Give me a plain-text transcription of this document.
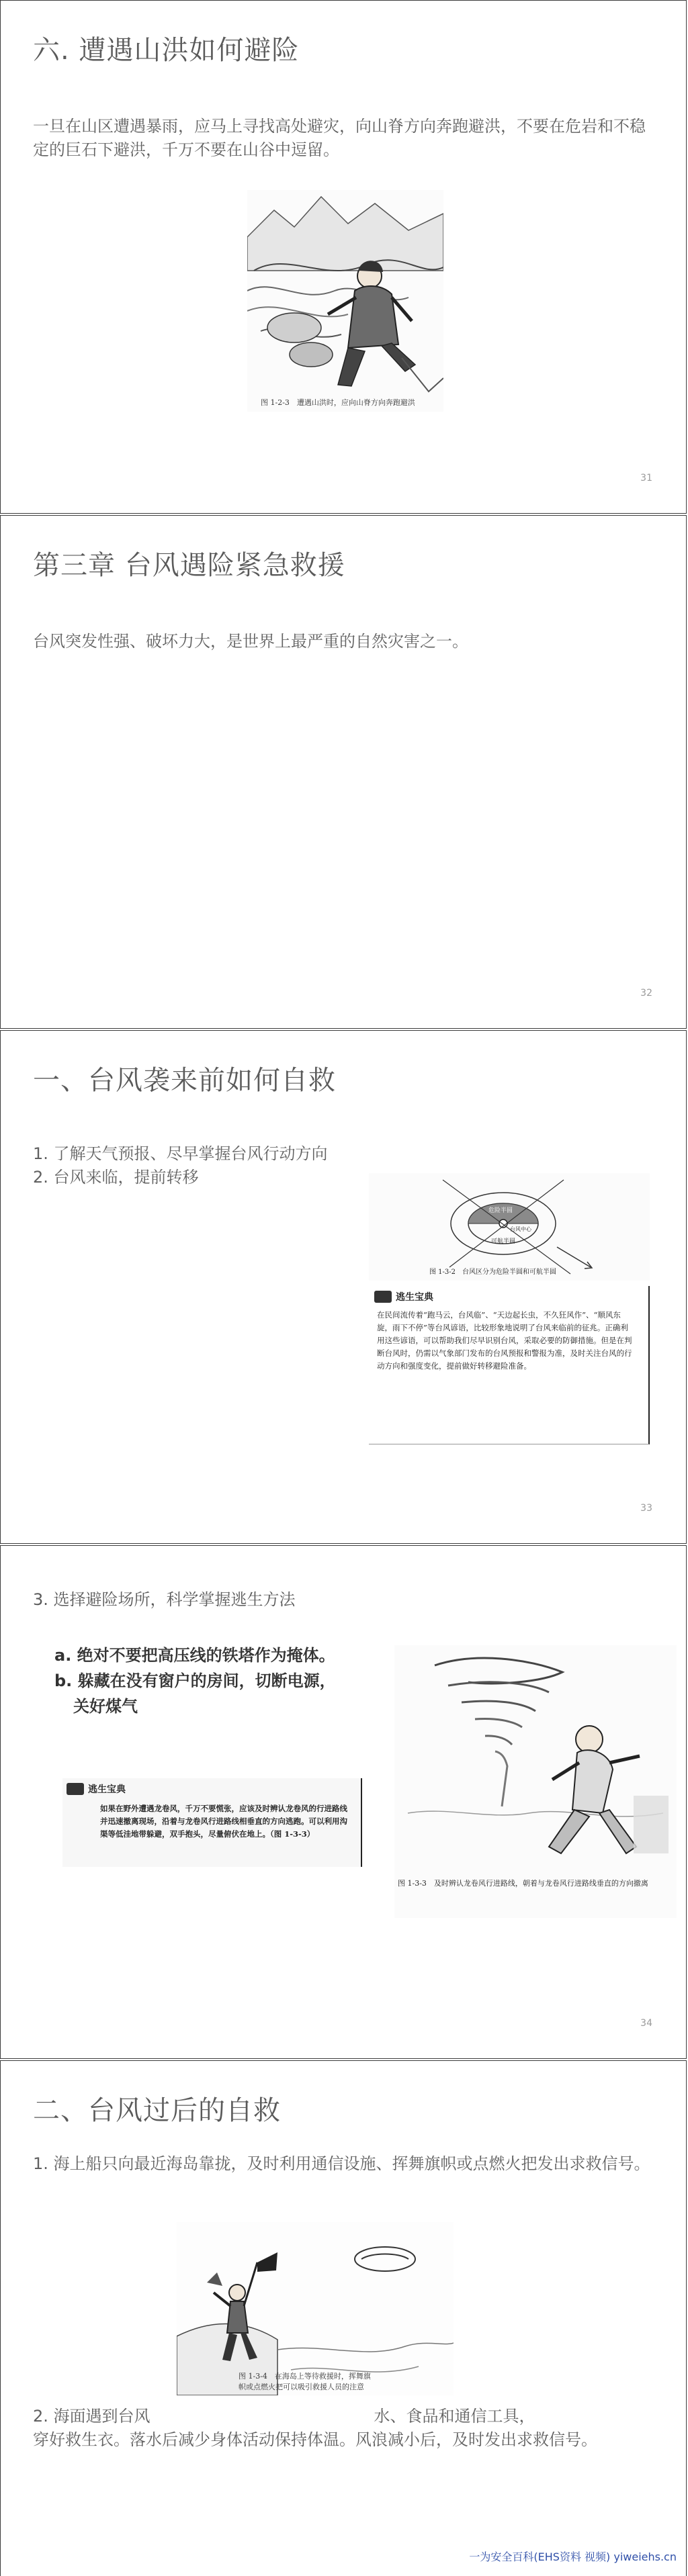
六. 遭遇山洪如何避险

一旦在山区遭遇暴雨，应马上寻找高处避灾，向山脊方向奔跑避洪，不要在危岩和不稳定的巨石下避洪，千万不要在山谷中逗留。

图 1-2-3　遭遇山洪时，应向山脊方向奔跑避洪
31
第三章 台风遇险紧急救援

台风突发性强、破坏力大，是世界上最严重的自然灾害之一。

32
一、台风袭来前如何自救
1. 了解天气预报、尽早掌握台风行动方向
2. 台风来临，提前转移
危险半圆
可航半圆
台风中心
图 1-3-2　台风区分为危险半圆和可航半圆
逃生宝典
在民间流传着“跑马云，台风临”、“天边起长虫，不久狂风作”、“顺风东旋，雨下不停”等台风谚语，比较形象地说明了台风来临前的征兆。正确利用这些谚语，可以帮助我们尽早识别台风，采取必要的防御措施。但是在判断台风时，仍需以气象部门发布的台风预报和警报为准，及时关注台风的行动方向和强度变化，提前做好转移避险准备。
33
3. 选择避险场所，科学掌握逃生方法
a. 绝对不要把高压线的铁塔作为掩体。
b. 躲藏在没有窗户的房间，切断电源，
关好煤气
逃生宝典
如果在野外遭遇龙卷风，千万不要慌张，应该及时辨认龙卷风的行进路线并迅速撤离现场，沿着与龙卷风行进路线相垂直的方向逃跑。可以利用沟渠等低洼地带躲避，双手抱头，尽量俯伏在地上。（图 1-3-3）
图 1-3-3　及时辨认龙卷风行进路线，朝着与龙卷风行进路线垂直的方向撤离
34
二、台风过后的自救

1. 海上船只向最近海岛靠拢，及时利用通信设施、挥舞旗帜或点燃火把发出求救信号。

图 1-3-4　在海岛上等待救援时，挥舞旗帜或点燃火把可以吸引救援人员的注意
2. 海面遇到台风	水、食品和通信工具，
穿好救生衣。落水后减少身体活动保持体温。风浪减小后，及时发出求救信号。
一为安全百科(EHS资料 视频) yiweiehs.cn
